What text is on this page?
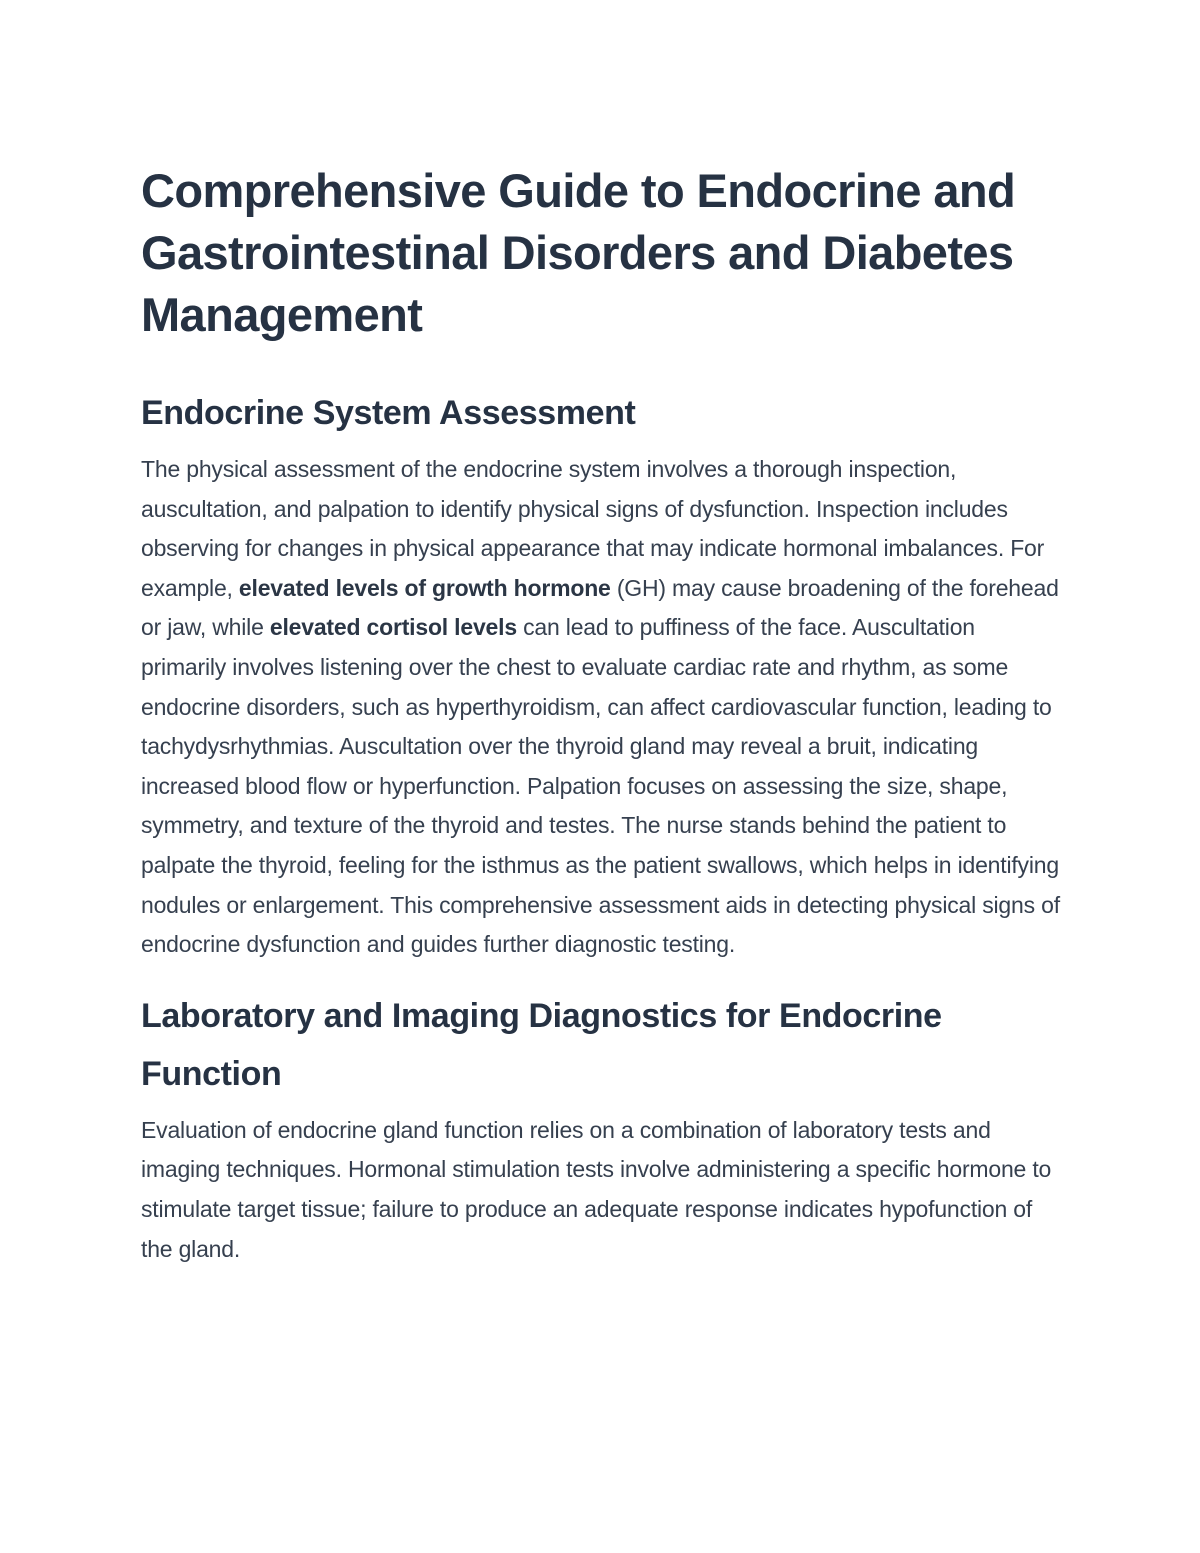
Comprehensive Guide to Endocrine and Gastrointestinal Disorders and Diabetes Management
Endocrine System Assessment

The physical assessment of the endocrine system involves a thorough inspection, auscultation, and palpation to identify physical signs of dysfunction. Inspection includes observing for changes in physical appearance that may indicate hormonal imbalances. For example, elevated levels of growth hormone (GH) may cause broadening of the forehead or jaw, while elevated cortisol levels can lead to puffiness of the face. Auscultation primarily involves listening over the chest to evaluate cardiac rate and rhythm, as some endocrine disorders, such as hyperthyroidism, can affect cardiovascular function, leading to tachydysrhythmias. Auscultation over the thyroid gland may reveal a bruit, indicating increased blood flow or hyperfunction. Palpation focuses on assessing the size, shape, symmetry, and texture of the thyroid and testes. The nurse stands behind the patient to palpate the thyroid, feeling for the isthmus as the patient swallows, which helps in identifying nodules or enlargement. This comprehensive assessment aids in detecting physical signs of endocrine dysfunction and guides further diagnostic testing.

Laboratory and Imaging Diagnostics for Endocrine Function

Evaluation of endocrine gland function relies on a combination of laboratory tests and imaging techniques. Hormonal stimulation tests involve administering a specific hormone to stimulate target tissue; failure to produce an adequate response indicates hypofunction of the gland.
